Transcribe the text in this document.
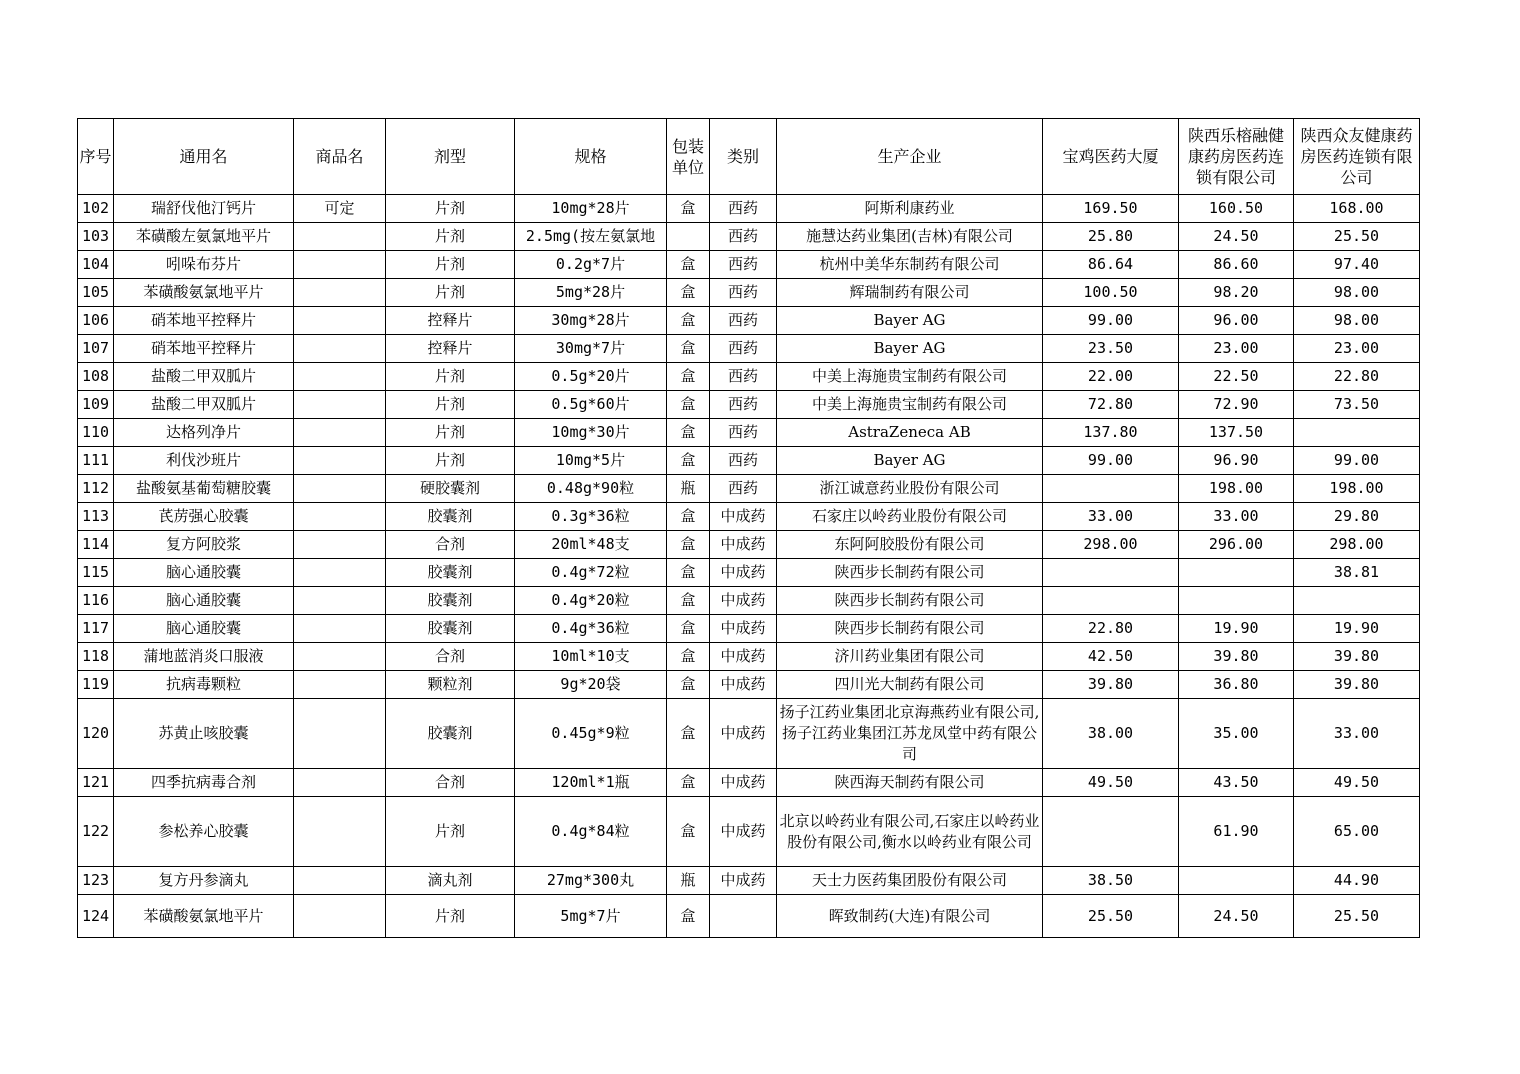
序号	通用名	商品名	剂型	规格	包装单位	类别	生产企业	宝鸡医药大厦	陕西乐榕融健康药房医药连锁有限公司	陕西众友健康药房医药连锁有限公司
102	瑞舒伐他汀钙片	可定	片剂	10mg*28片	盒	西药	阿斯利康药业	169.50	160.50	168.00
103	苯磺酸左氨氯地平片		片剂	2.5mg(按左氨氯地		西药	施慧达药业集团(吉林)有限公司	25.80	24.50	25.50
104	吲哚布芬片		片剂	0.2g*7片	盒	西药	杭州中美华东制药有限公司	86.64	86.60	97.40
105	苯磺酸氨氯地平片		片剂	5mg*28片	盒	西药	辉瑞制药有限公司	100.50	98.20	98.00
106	硝苯地平控释片		控释片	30mg*28片	盒	西药	Bayer AG	99.00	96.00	98.00
107	硝苯地平控释片		控释片	30mg*7片	盒	西药	Bayer AG	23.50	23.00	23.00
108	盐酸二甲双胍片		片剂	0.5g*20片	盒	西药	中美上海施贵宝制药有限公司	22.00	22.50	22.80
109	盐酸二甲双胍片		片剂	0.5g*60片	盒	西药	中美上海施贵宝制药有限公司	72.80	72.90	73.50
110	达格列净片		片剂	10mg*30片	盒	西药	AstraZeneca AB	137.80	137.50	
111	利伐沙班片		片剂	10mg*5片	盒	西药	Bayer AG	99.00	96.90	99.00
112	盐酸氨基葡萄糖胶囊		硬胶囊剂	0.48g*90粒	瓶	西药	浙江诚意药业股份有限公司		198.00	198.00
113	芪苈强心胶囊		胶囊剂	0.3g*36粒	盒	中成药	石家庄以岭药业股份有限公司	33.00	33.00	29.80
114	复方阿胶浆		合剂	20ml*48支	盒	中成药	东阿阿胶股份有限公司	298.00	296.00	298.00
115	脑心通胶囊		胶囊剂	0.4g*72粒	盒	中成药	陕西步长制药有限公司			38.81
116	脑心通胶囊		胶囊剂	0.4g*20粒	盒	中成药	陕西步长制药有限公司			
117	脑心通胶囊		胶囊剂	0.4g*36粒	盒	中成药	陕西步长制药有限公司	22.80	19.90	19.90
118	蒲地蓝消炎口服液		合剂	10ml*10支	盒	中成药	济川药业集团有限公司	42.50	39.80	39.80
119	抗病毒颗粒		颗粒剂	9g*20袋	盒	中成药	四川光大制药有限公司	39.80	36.80	39.80
120	苏黄止咳胶囊		胶囊剂	0.45g*9粒	盒	中成药	扬子江药业集团北京海燕药业有限公司,扬子江药业集团江苏龙凤堂中药有限公司	38.00	35.00	33.00
121	四季抗病毒合剂		合剂	120ml*1瓶	盒	中成药	陕西海天制药有限公司	49.50	43.50	49.50
122	参松养心胶囊		片剂	0.4g*84粒	盒	中成药	北京以岭药业有限公司,石家庄以岭药业股份有限公司,衡水以岭药业有限公司		61.90	65.00
123	复方丹参滴丸		滴丸剂	27mg*300丸	瓶	中成药	天士力医药集团股份有限公司	38.50		44.90
124	苯磺酸氨氯地平片		片剂	5mg*7片	盒		晖致制药(大连)有限公司	25.50	24.50	25.50
